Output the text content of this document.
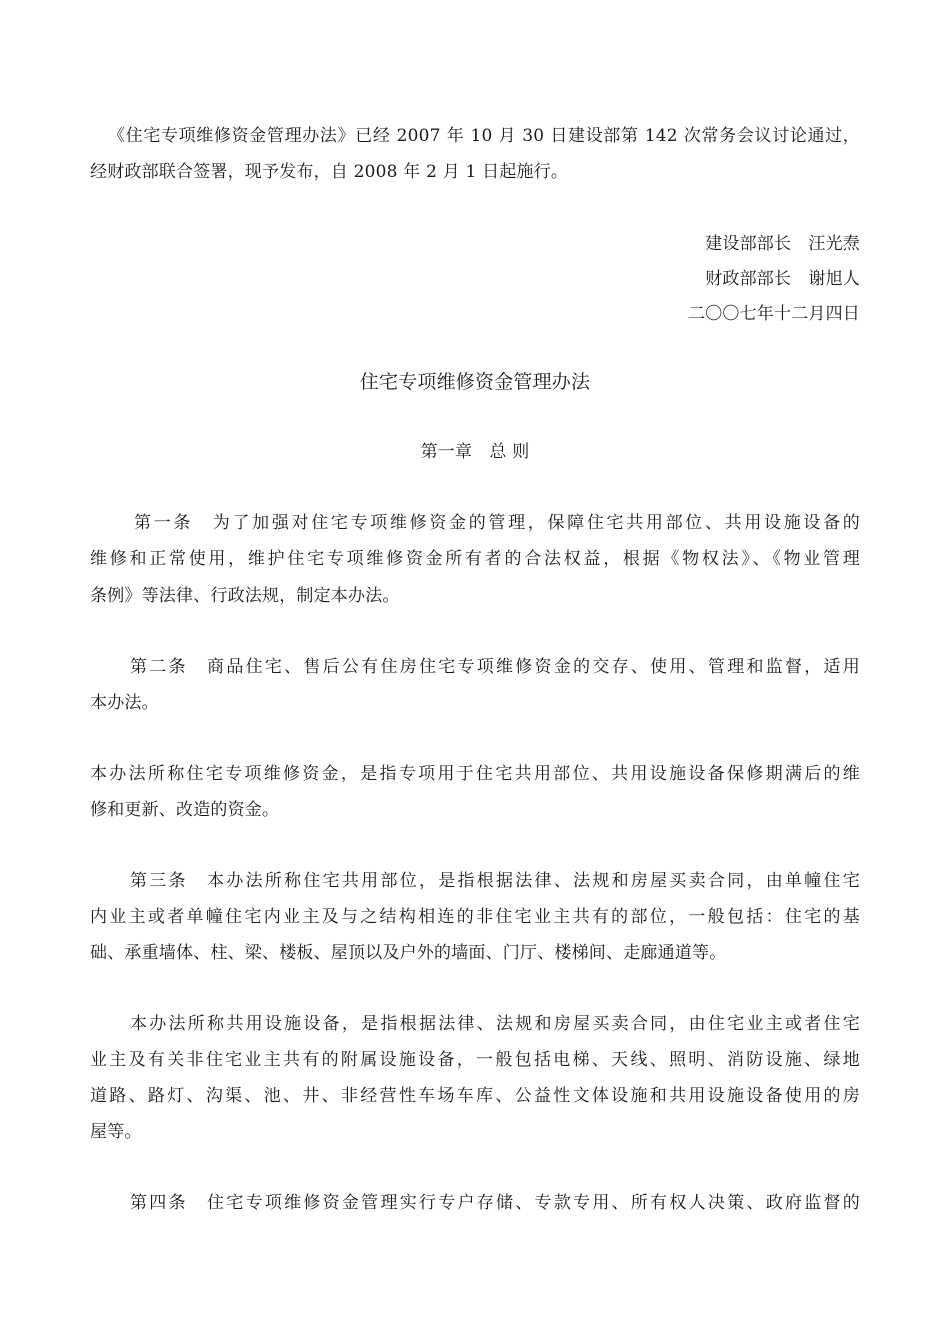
《住宅专项维修资金管理办法》已经 2007 年 10 月 30 日建设部第 142 次常务会议讨论通过，
经财政部联合签署，现予发布，自 2008 年 2 月 1 日起施行。
建设部部长　汪光焘
财政部部长　谢旭人
二〇〇七年十二月四日
住宅专项维修资金管理办法
第一章　总 则
第一条　为了加强对住宅专项维修资金的管理，保障住宅共用部位、共用设施设备的
维修和正常使用，维护住宅专项维修资金所有者的合法权益，根据《物权法》、《物业管理
条例》等法律、行政法规，制定本办法。
第二条　商品住宅、售后公有住房住宅专项维修资金的交存、使用、管理和监督，适用
本办法。
本办法所称住宅专项维修资金，是指专项用于住宅共用部位、共用设施设备保修期满后的维
修和更新、改造的资金。
第三条　本办法所称住宅共用部位，是指根据法律、法规和房屋买卖合同，由单幢住宅
内业主或者单幢住宅内业主及与之结构相连的非住宅业主共有的部位，一般包括：住宅的基
础、承重墙体、柱、梁、楼板、屋顶以及户外的墙面、门厅、楼梯间、走廊通道等。
本办法所称共用设施设备，是指根据法律、法规和房屋买卖合同，由住宅业主或者住宅
业主及有关非住宅业主共有的附属设施设备，一般包括电梯、天线、照明、消防设施、绿地
道路、路灯、沟渠、池、井、非经营性车场车库、公益性文体设施和共用设施设备使用的房
屋等。
第四条　住宅专项维修资金管理实行专户存储、专款专用、所有权人决策、政府监督的
